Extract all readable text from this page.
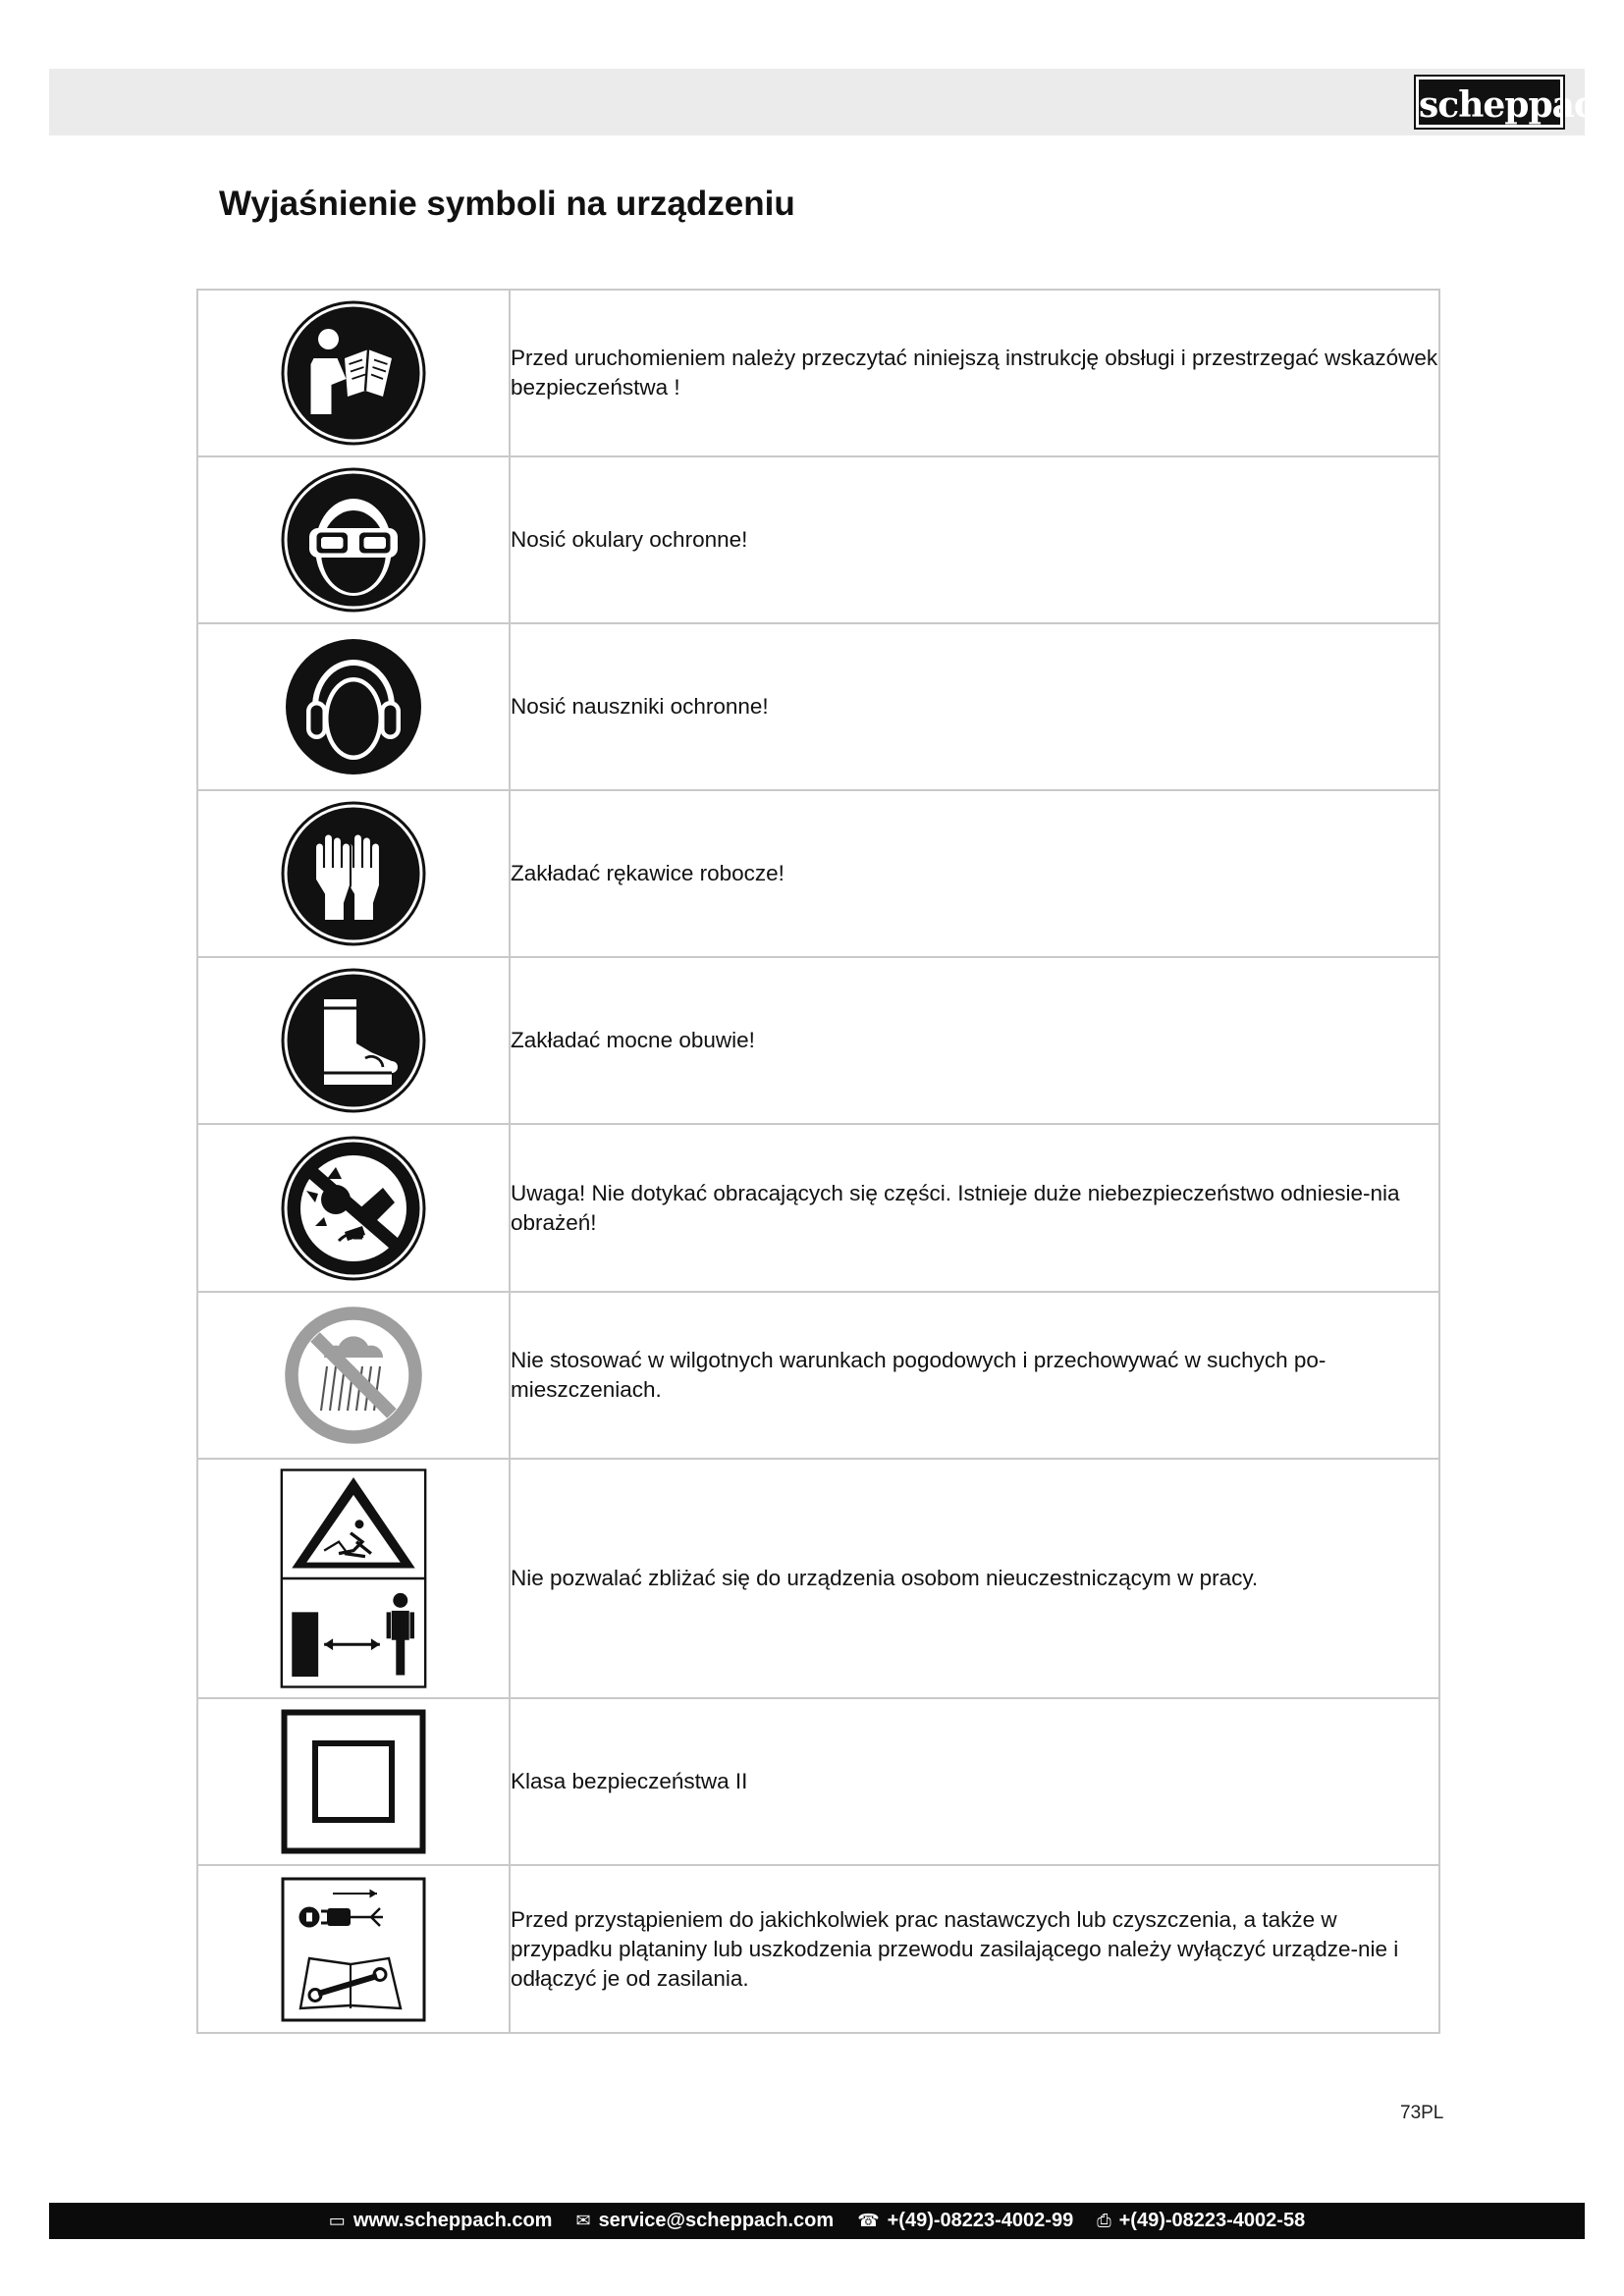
scheppach
Wyjaśnienie symboli na urządzeniu
	Przed uruchomieniem należy przeczytać niniejszą instrukcję obsługi i przestrzegać wskazówek bezpieczeństwa !

	Nosić okulary ochronne!

	Nosić nauszniki ochronne!

	Zakładać rękawice robocze!

	Zakładać mocne obuwie!

	Uwaga! Nie dotykać obracających się części. Istnieje duże niebezpieczeństwo odniesie-nia obrażeń!

	Nie stosować w wilgotnych warunkach pogodowych i przechowywać w suchych po-mieszczeniach.

	Nie pozwalać zbliżać się do urządzenia osobom nieuczestniczącym w pracy.

	Klasa bezpieczeństwa II

	Przed przystąpieniem do jakichkolwiek prac nastawczych lub czyszczenia, a także w przypadku plątaniny lub uszkodzenia przewodu zasilającego należy wyłączyć urządze-nie i odłączyć je od zasilania.
73PL
▭ www.scheppach.com ✉ service@scheppach.com ☎ +(49)-08223-4002-99 ⎙ +(49)-08223-4002-58
